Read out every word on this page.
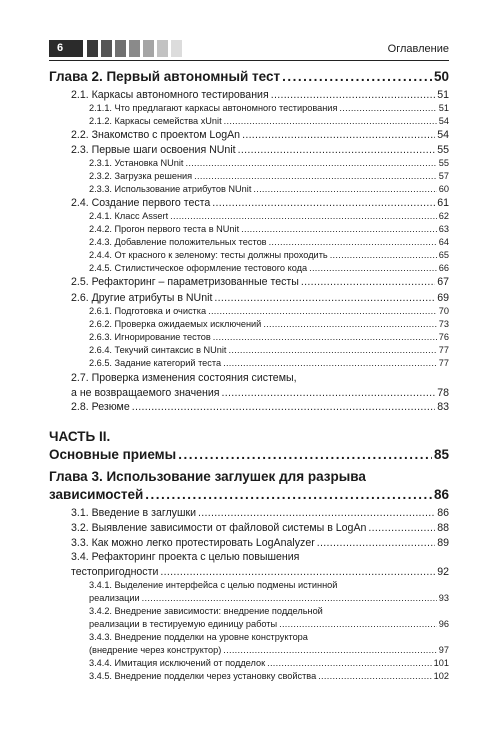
6	Оглавление
Глава 2. Первый автономный тест .....	50
2.1. Каркасы автономного тестирования .....	51
2.1.1. Что предлагают каркасы автономного тестирования .....	51
2.1.2. Каркасы семейства xUnit .....	54
2.2. Знакомство с проектом LogAn .....	54
2.3. Первые шаги освоения NUnit .....	55
2.3.1. Установка NUnit .....	55
2.3.2. Загрузка решения .....	57
2.3.3. Использование атрибутов NUnit .....	60
2.4. Создание первого теста .....	61
2.4.1. Класс Assert .....	62
2.4.2. Прогон первого теста в NUnit .....	63
2.4.3. Добавление положительных тестов .....	64
2.4.4. От красного к зеленому: тесты должны проходить .....	65
2.4.5. Стилистическое оформление тестового кода .....	66
2.5. Рефакторинг – параметризованные тесты .....	67
2.6. Другие атрибуты в NUnit .....	69
2.6.1. Подготовка и очистка .....	70
2.6.2. Проверка ожидаемых исключений .....	73
2.6.3. Игнорирование тестов .....	76
2.6.4. Текучий синтаксис в NUnit .....	77
2.6.5. Задание категорий теста .....	77
2.7. Проверка изменения состояния системы,
а не возвращаемого значения .....	78
2.8. Резюме .....	83
ЧАСТЬ II.
Основные приемы .....	85
Глава 3. Использование заглушек для разрыва
зависимостей .....	86
3.1. Введение в заглушки .....	86
3.2. Выявление зависимости от файловой системы в LogAn .....	88
3.3. Как можно легко протестировать LogAnalyzer .....	89
3.4. Рефакторинг проекта с целью повышения
тестопригодности .....	92
3.4.1. Выделение интерфейса с целью подмены истинной
реализации .....	93
3.4.2. Внедрение зависимости: внедрение поддельной
реализации в тестируемую единицу работы .....	96
3.4.3. Внедрение подделки на уровне конструктора
(внедрение через конструктор) .....	97
3.4.4. Имитация исключений от подделок .....	101
3.4.5. Внедрение подделки через установку свойства .....	102
